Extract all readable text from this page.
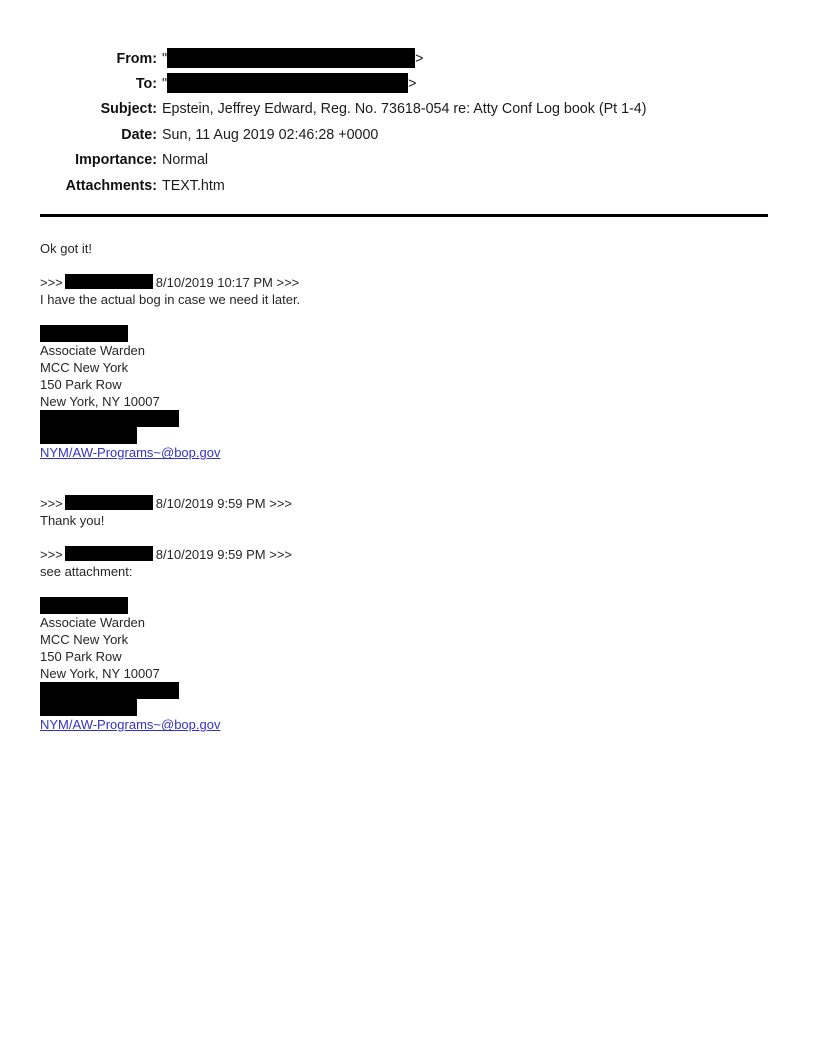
From: "	>
To: "	>
Subject: Epstein, Jeffrey Edward, Reg. No. 73618-054 re: Atty Conf Log book (Pt 1-4)
Date: Sun, 11 Aug 2019 02:46:28 +0000
Importance: Normal
Attachments: TEXT.htm
Ok got it!
>>>	8/10/2019 10:17 PM >>>
I have the actual bog in case we need it later.
Associate Warden
MCC New York
150 Park Row
New York, NY 10007
NYM/AW-Programs~@bop.gov
>>>	8/10/2019 9:59 PM >>>
Thank you!
>>>	8/10/2019 9:59 PM >>>
see attachment:
Associate Warden
MCC New York
150 Park Row
New York, NY 10007
NYM/AW-Programs~@bop.gov
